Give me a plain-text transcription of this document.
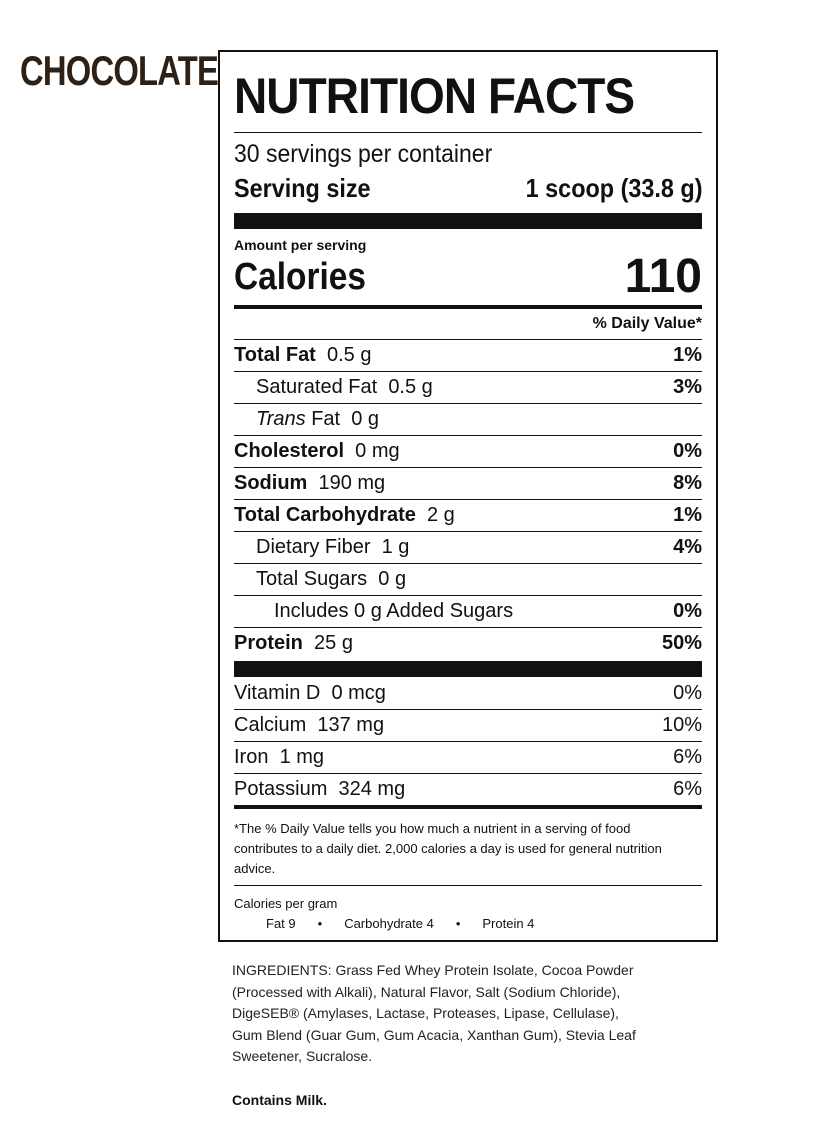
CHOCOLATE NUTRITION FACTS
30 servings per container
Serving size	1 scoop (33.8 g)
Amount per serving
Calories	110
% Daily Value*
Total Fat 0.5 g	1%
Saturated Fat 0.5 g	3%
Trans Fat 0 g
Cholesterol 0 mg	0%
Sodium 190 mg	8%
Total Carbohydrate 2 g	1%
Dietary Fiber 1 g	4%
Total Sugars 0 g
Includes 0 g Added Sugars	0%
Protein 25 g	50%
Vitamin D 0 mcg	0%
Calcium 137 mg	10%
Iron 1 mg	6%
Potassium 324 mg	6%
*The % Daily Value tells you how much a nutrient in a serving of food
contributes to a daily diet. 2,000 calories a day is used for general nutrition advice.
Calories per gram
Fat 9	•	Carbohydrate 4	•	Protein 4
INGREDIENTS: Grass Fed Whey Protein Isolate, Cocoa Powder
(Processed with Alkali), Natural Flavor, Salt (Sodium Chloride),
DigeSEB® (Amylases, Lactase, Proteases, Lipase, Cellulase),
Gum Blend (Guar Gum, Gum Acacia, Xanthan Gum), Stevia Leaf
Sweetener, Sucralose.
Contains Milk.
